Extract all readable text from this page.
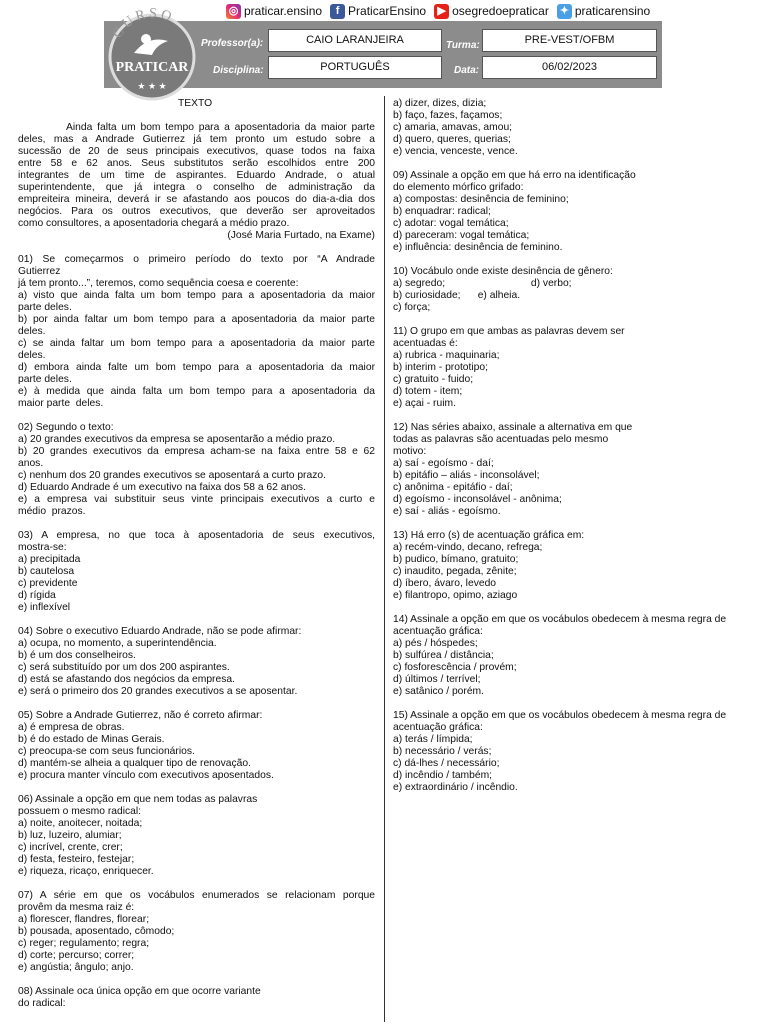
◎ praticar.ensino	f PraticarEnsino ▶ osegredoepraticar ✦ praticarensino
CURSO
PRATICAR
★ ★ ★
Professor(a):	CAIO LARANJEIRA
Disciplina:	PORTUGUÊS
Turma:	PRE-VEST/OFBM
Data:	06/02/2023
TEXTO
Ainda falta um bom tempo para a aposentadoria da maior parte
deles, mas a Andrade Gutierrez já tem pronto um estudo sobre a
sucessão de 20 de seus principais executivos, quase todos na faixa
entre 58 e 62 anos. Seus substitutos serão escolhidos entre 200
integrantes de um time de aspirantes. Eduardo Andrade, o atual
superintendente, que já integra o conselho de administração da
empreiteira mineira, deverá ir se afastando aos poucos do dia-a-dia dos
negócios. Para os outros executivos, que deverão ser aproveitados
como consultores, a aposentadoria chegará a médio prazo.
(José Maria Furtado, na Exame)
01) Se começarmos o primeiro período do texto por “A Andrade
Gutierrez
já tem pronto...”, teremos, como sequência coesa e coerente:
a) visto que ainda falta um bom tempo para a aposentadoria da maior
parte deles.
b) por ainda faltar um bom tempo para a aposentadoria da maior parte
deles.
c) se ainda faltar um bom tempo para a aposentadoria da maior parte
deles.
d) embora ainda falte um bom tempo para a aposentadoria da maior
parte deles.
e) à medida que ainda falta um bom tempo para a aposentadoria da
maior parte  deles.
02) Segundo o texto:
a) 20 grandes executivos da empresa se aposentarão a médio prazo.
b) 20 grandes executivos da empresa acham-se na faixa entre 58 e 62
anos.
c) nenhum dos 20 grandes executivos se aposentará a curto prazo.
d) Eduardo Andrade é um executivo na faixa dos 58 a 62 anos.
e) a empresa vai substituir seus vinte principais executivos a curto e
médio  prazos.
03) A empresa, no que toca à aposentadoria de seus executivos,
mostra-se:
a) precipitada
b) cautelosa
c) previdente
d) rígida
e) inflexível
04) Sobre o executivo Eduardo Andrade, não se pode afirmar:
a) ocupa, no momento, a superintendência.
b) é um dos conselheiros.
c) será substituído por um dos 200 aspirantes.
d) está se afastando dos negócios da empresa.
e) será o primeiro dos 20 grandes executivos a se aposentar.
05) Sobre a Andrade Gutierrez, não é correto afirmar:
a) é empresa de obras.
b) é do estado de Minas Gerais.
c) preocupa-se com seus funcionários.
d) mantém-se alheia a qualquer tipo de renovação.
e) procura manter vínculo com executivos aposentados.
06) Assinale a opção em que nem todas as palavras
possuem o mesmo radical:
a) noite, anoitecer, noitada;
b) luz, luzeiro, alumiar;
c) incrível, crente, crer;
d) festa, festeiro, festejar;
e) riqueza, ricaço, enriquecer.
07) A série em que os vocábulos enumerados se relacionam porque
provêm da mesma raiz é:
a) florescer, flandres, florear;
b) pousada, aposentado, cômodo;
c) reger; regulamento; regra;
d) corte; percurso; correr;
e) angústia; ângulo; anjo.
08) Assinale oca única opção em que ocorre variante
do radical:
a) dizer, dizes, dizia;
b) faço, fazes, façamos;
c) amaria, amavas, amou;
d) quero, queres, querias;
e) vencia, venceste, vence.
09) Assinale a opção em que há erro na identificação
do elemento mórfico grifado:
a) compostas: desinência de feminino;
b) enquadrar: radical;
c) adotar: vogal temática;
d) pareceram: vogal temática;
e) influência: desinência de feminino.
10) Vocábulo onde existe desinência de gênero:
a) segredo;                              d) verbo;
b) curiosidade;      e) alheia.
c) força;
11) O grupo em que ambas as palavras devem ser
acentuadas é:
a) rubrica - maquinaria;
b) interim - prototipo;
c) gratuito - fuido;
d) totem - item;
e) açai - ruim.
12) Nas séries abaixo, assinale a alternativa em que
todas as palavras são acentuadas pelo mesmo
motivo:
a) saí - egoísmo - daí;
b) epitáfio – aliás - inconsolável;
c) anônima - epitáfio - daí;
d) egoísmo - inconsolável - anônima;
e) saí - aliás - egoísmo.
13) Há erro (s) de acentuação gráfica em:
a) recém-vindo, decano, refrega;
b) pudico, bímano, gratuito;
c) inaudito, pegada, zênite;
d) íbero, ávaro, levedo
e) filantropo, opimo, aziago
14) Assinale a opção em que os vocábulos obedecem à mesma regra de
acentuação gráfica:
a) pés / hóspedes;
b) sulfúrea / distância;
c) fosforescência / provém;
d) últimos / terrível;
e) satânico / porém.
15) Assinale a opção em que os vocábulos obedecem à mesma regra de
acentuação gráfica:
a) terás / límpida;
b) necessário / verás;
c) dá-lhes / necessário;
d) incêndio / também;
e) extraordinário / incêndio.
